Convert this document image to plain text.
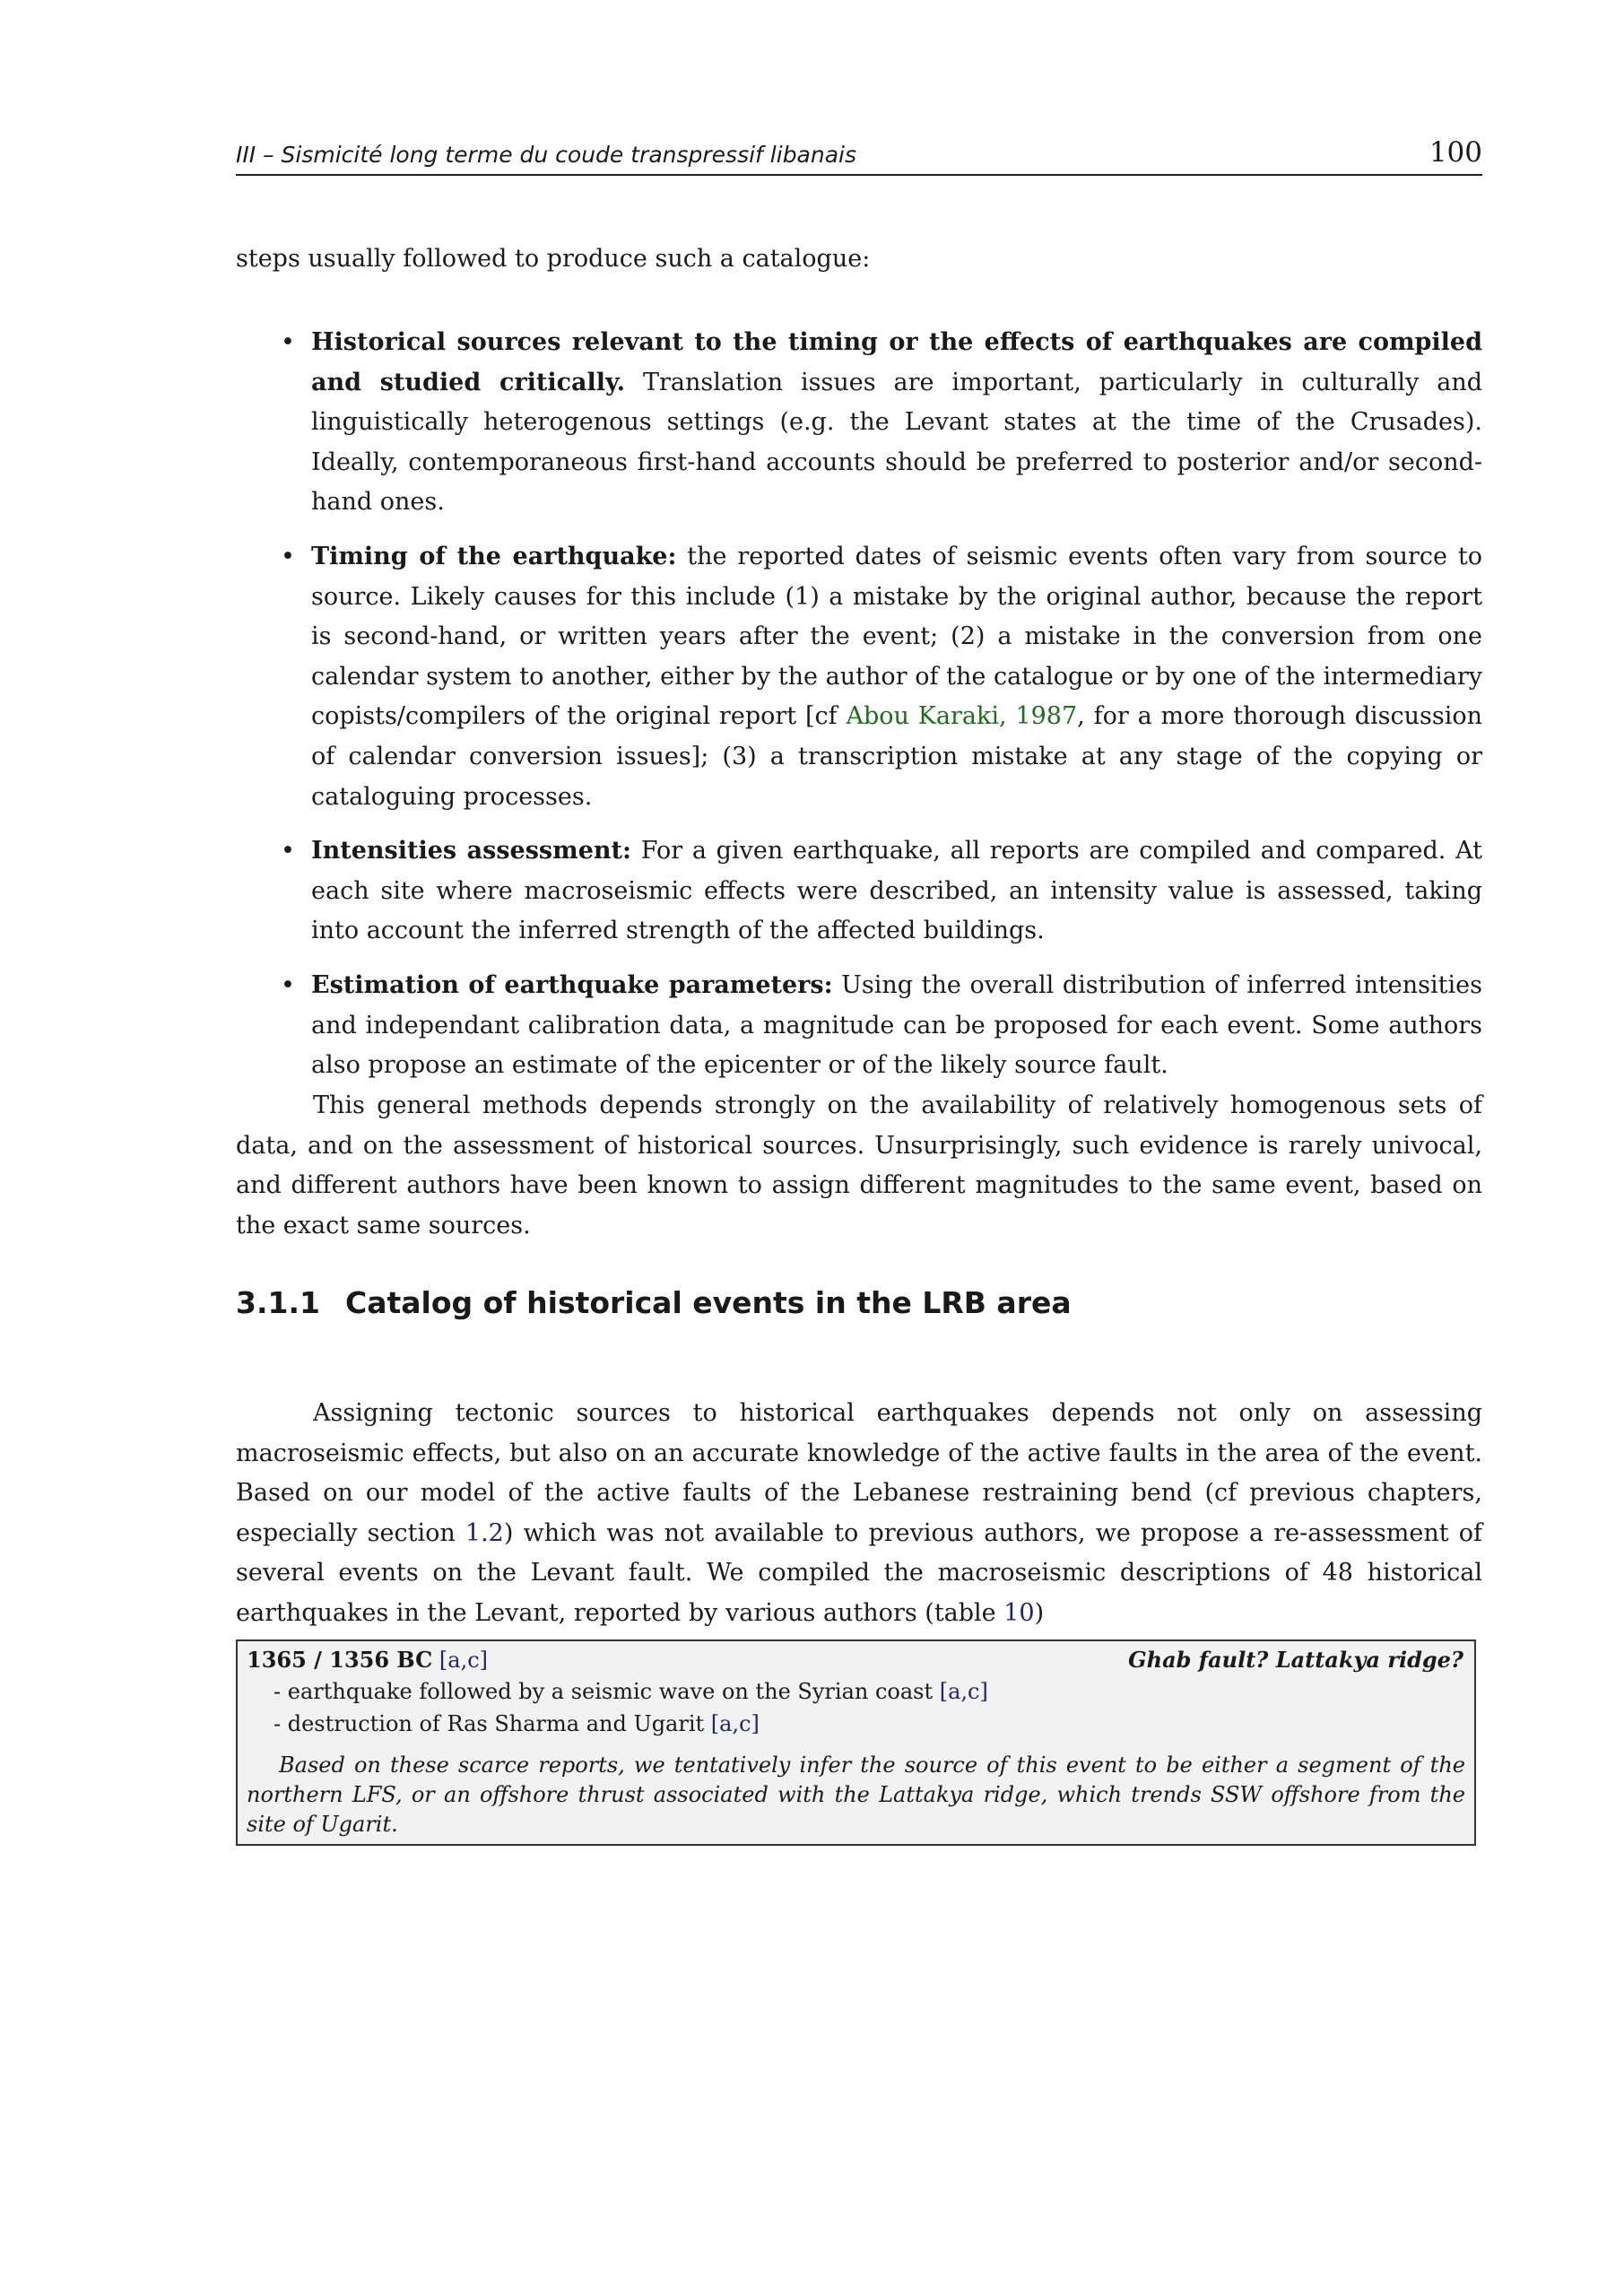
III – Sismicité long terme du coude transpressif libanais	100
steps usually followed to produce such a catalogue:
• Historical sources relevant to the timing or the effects of earthquakes are compiled and studied critically. Translation issues are important, particularly in culturally and linguistically heterogenous settings (e.g. the Levant states at the time of the Crusades). Ideally, contemporaneous first-hand accounts should be preferred to posterior and/or second-hand ones.
• Timing of the earthquake: the reported dates of seismic events often vary from source to source. Likely causes for this include (1) a mistake by the original author, because the report is second-hand, or written years after the event; (2) a mistake in the conversion from one calendar system to another, either by the author of the catalogue or by one of the intermediary copists/compilers of the original report [cf Abou Karaki, 1987, for a more thorough discussion of calendar conversion issues]; (3) a transcription mistake at any stage of the copying or cataloguing processes.
• Intensities assessment: For a given earthquake, all reports are compiled and compared. At each site where macroseismic effects were described, an intensity value is assessed, taking into account the inferred strength of the affected buildings.
• Estimation of earthquake parameters: Using the overall distribution of inferred intensities and independant calibration data, a magnitude can be proposed for each event. Some authors also propose an estimate of the epicenter or of the likely source fault.

This general methods depends strongly on the availability of relatively homogenous sets of data, and on the assessment of historical sources. Unsurprisingly, such evidence is rarely univocal, and different authors have been known to assign different magnitudes to the same event, based on the exact same sources.

3.1.1 Catalog of historical events in the LRB area

Assigning tectonic sources to historical earthquakes depends not only on assessing macroseismic effects, but also on an accurate knowledge of the active faults in the area of the event. Based on our model of the active faults of the Lebanese restraining bend (cf previous chapters, especially section 1.2) which was not available to previous authors, we propose a re-assessment of several events on the Levant fault. We compiled the macroseismic descriptions of 48 historical earthquakes in the Levant, reported by various authors (table 10)

1365 / 1356 BC [a,c]	Ghab fault? Lattakya ridge?
- earthquake followed by a seismic wave on the Syrian coast [a,c]
- destruction of Ras Sharma and Ugarit [a,c]
Based on these scarce reports, we tentatively infer the source of this event to be either a segment of the northern LFS, or an offshore thrust associated with the Lattakya ridge, which trends SSW offshore from the site of Ugarit.
